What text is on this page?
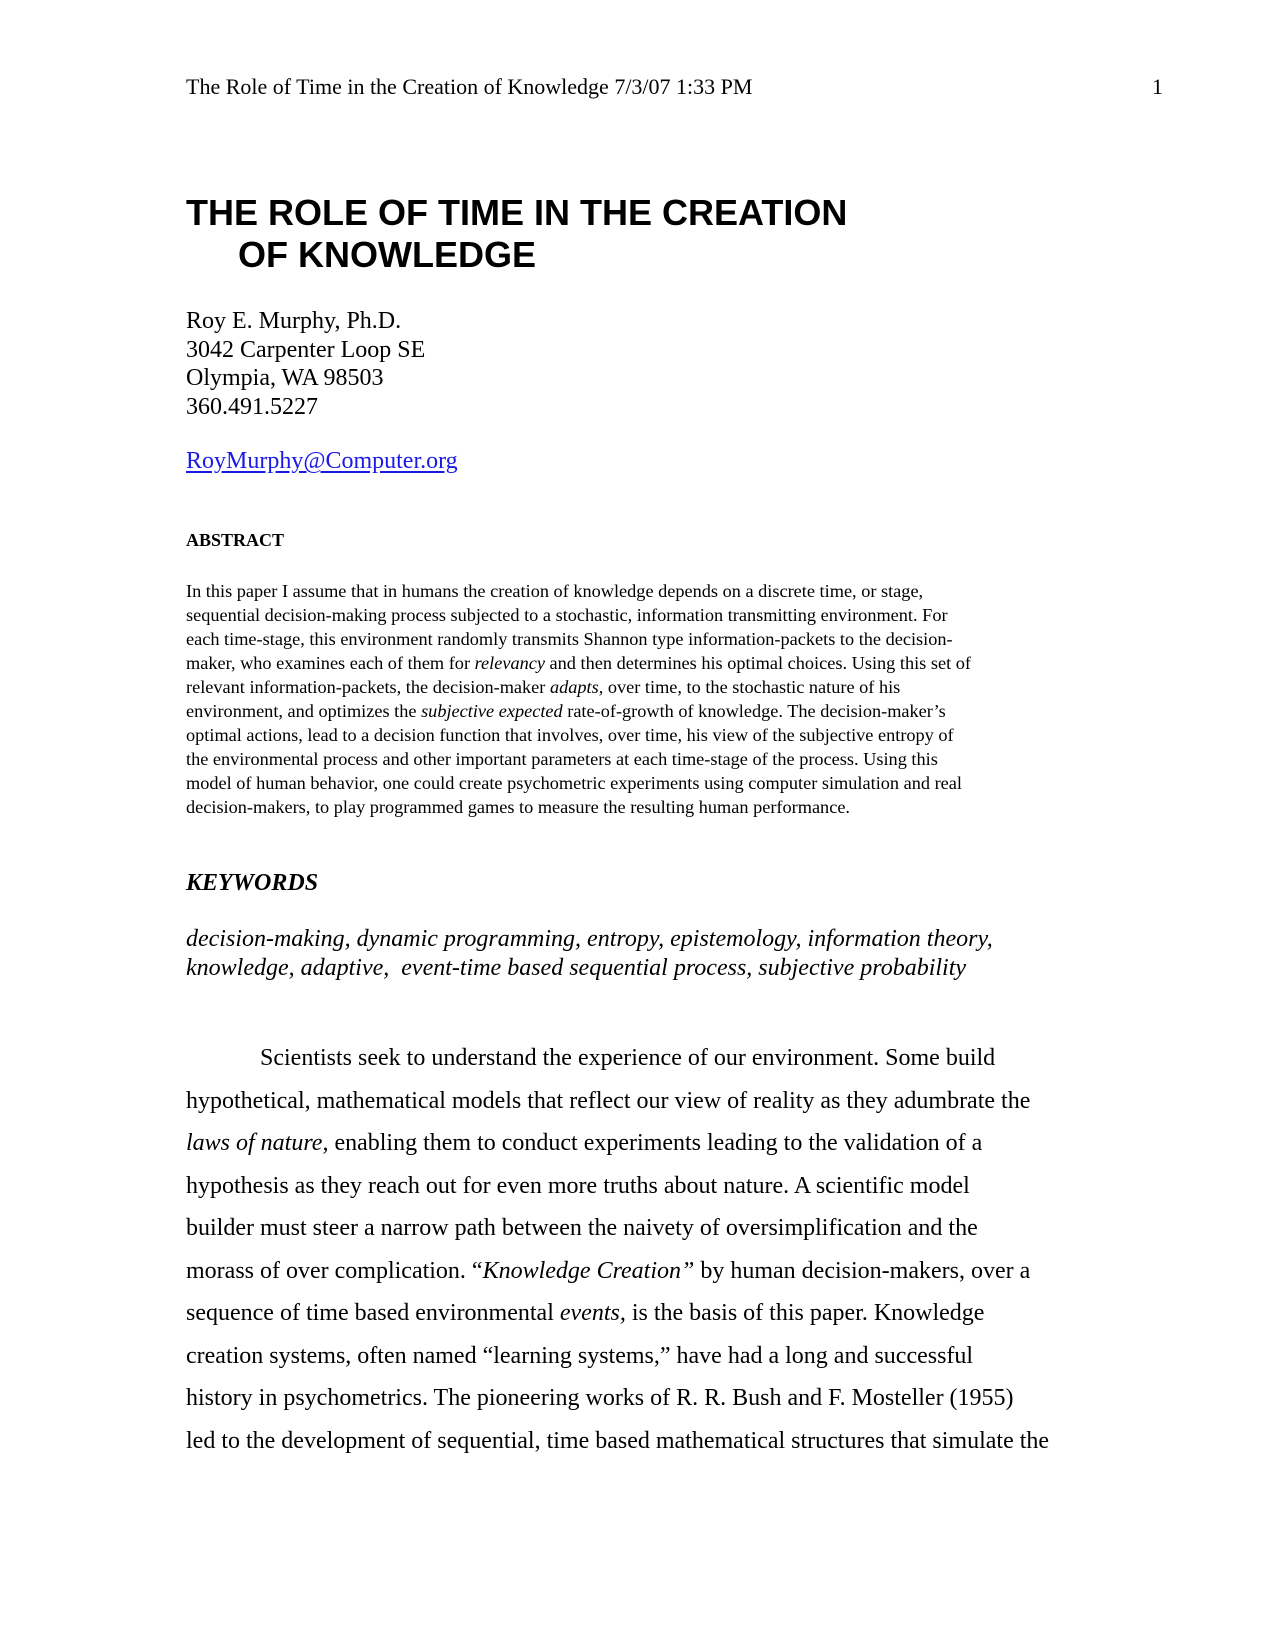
The Role of Time in the Creation of Knowledge 7/3/07 1:33 PM	1
THE ROLE OF TIME IN THE CREATION
OF KNOWLEDGE
Roy E. Murphy, Ph.D.
3042 Carpenter Loop SE
Olympia, WA 98503
360.491.5227
RoyMurphy@Computer.org
ABSTRACT
In this paper I assume that in humans the creation of knowledge depends on a discrete time, or stage,
sequential decision-making process subjected to a stochastic, information transmitting environment. For
each time-stage, this environment randomly transmits Shannon type information-packets to the decision-
maker, who examines each of them for relevancy and then determines his optimal choices. Using this set of
relevant information-packets, the decision-maker adapts, over time, to the stochastic nature of his
environment, and optimizes the subjective expected rate-of-growth of knowledge. The decision-maker’s
optimal actions, lead to a decision function that involves, over time, his view of the subjective entropy of
the environmental process and other important parameters at each time-stage of the process. Using this
model of human behavior, one could create psychometric experiments using computer simulation and real
decision-makers, to play programmed games to measure the resulting human performance.
KEYWORDS
decision-making, dynamic programming, entropy, epistemology, information theory,
knowledge, adaptive,  event-time based sequential process, subjective probability
Scientists seek to understand the experience of our environment. Some build
hypothetical, mathematical models that reflect our view of reality as they adumbrate the
laws of nature, enabling them to conduct experiments leading to the validation of a
hypothesis as they reach out for even more truths about nature. A scientific model
builder must steer a narrow path between the naivety of oversimplification and the
morass of over complication. “Knowledge Creation” by human decision-makers, over a
sequence of time based environmental events, is the basis of this paper. Knowledge
creation systems, often named “learning systems,” have had a long and successful
history in psychometrics. The pioneering works of R. R. Bush and F. Mosteller (1955)
led to the development of sequential, time based mathematical structures that simulate the
